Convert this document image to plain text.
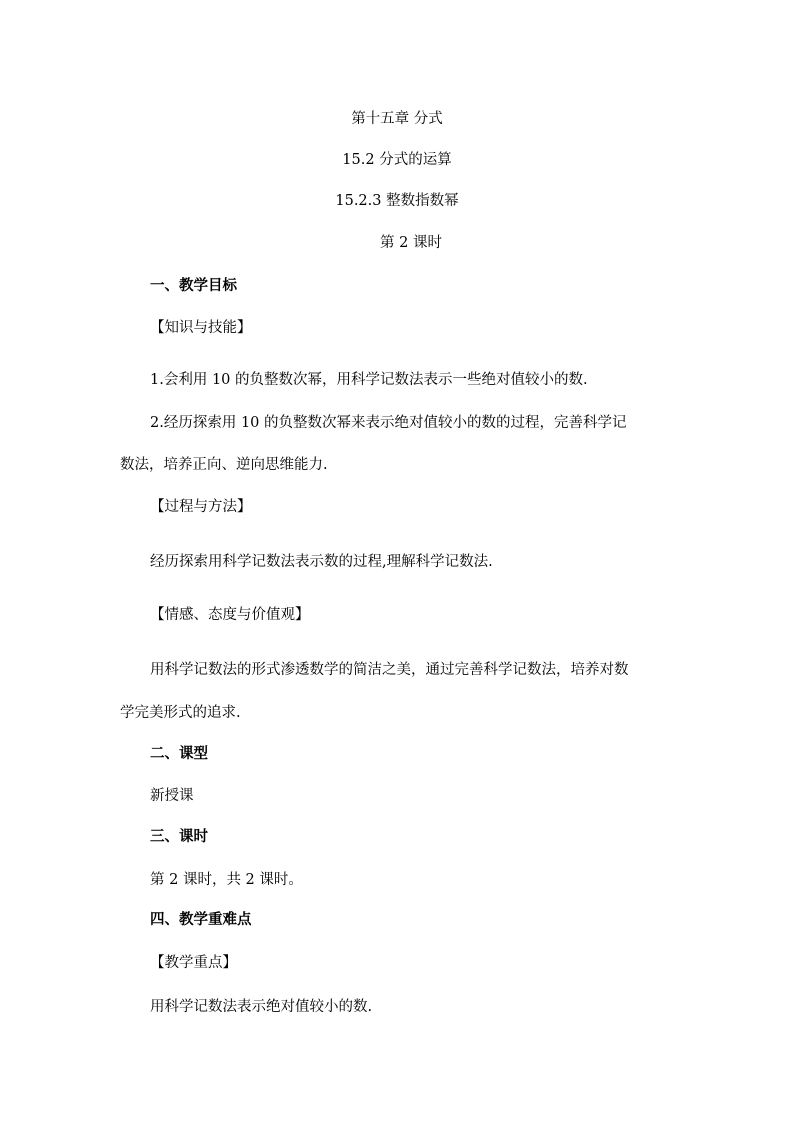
第十五章 分式
15.2 分式的运算
15.2.3 整数指数幂
第 2 课时
一、教学目标
【知识与技能】
1.会利用 10 的负整数次幂，用科学记数法表示一些绝对值较小的数.
2.经历探索用 10 的负整数次幂来表示绝对值较小的数的过程，完善科学记
数法，培养正向、逆向思维能力.
【过程与方法】
经历探索用科学记数法表示数的过程,理解科学记数法.
【情感、态度与价值观】
用科学记数法的形式渗透数学的简洁之美，通过完善科学记数法，培养对数
学完美形式的追求.
二、课型
新授课
三、课时
第 2 课时，共 2 课时。
四、教学重难点
【教学重点】
用科学记数法表示绝对值较小的数.
